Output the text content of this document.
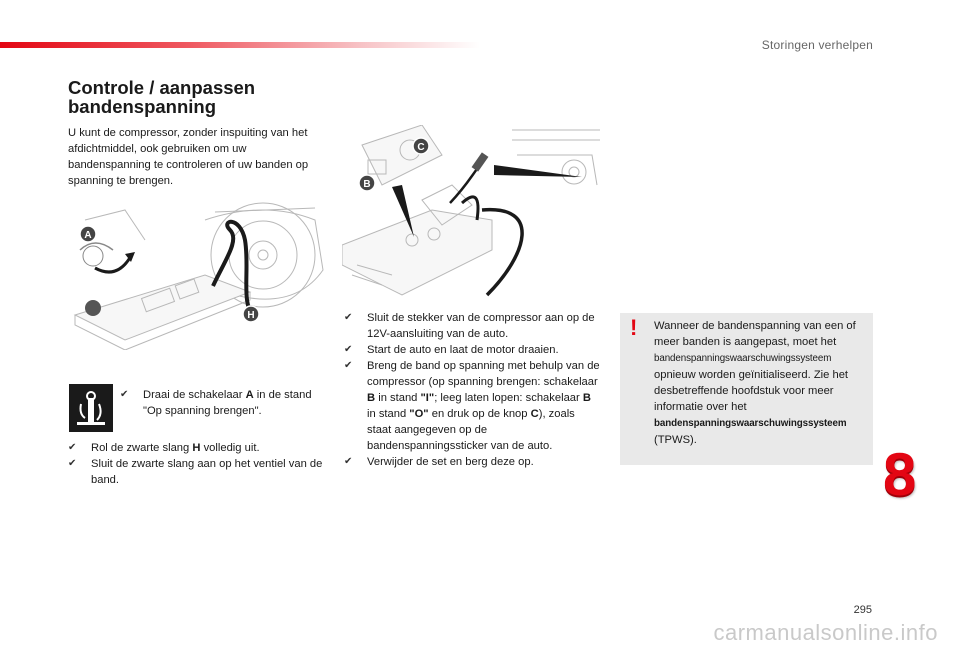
Storingen verhelpen
Controle / aanpassen
bandenspanning
U kunt de compressor, zonder inspuiting van het afdichtmiddel, ook gebruiken om uw bandenspanning te controleren of uw banden op spanning te brengen.
A
H
C
B
✔ Draai de schakelaar A in de stand "Op spanning brengen".
✔ Rol de zwarte slang H volledig uit.
✔ Sluit de zwarte slang aan op het ventiel van de band.
✔ Sluit de stekker van de compressor aan op de 12V-aansluiting van de auto.
✔ Start de auto en laat de motor draaien.
✔ Breng de band op spanning met behulp van de compressor (op spanning brengen: schakelaar B in stand "I"; leeg laten lopen: schakelaar B in stand "O" en druk op de knop C), zoals staat aangegeven op de bandenspanningssticker van de auto.
✔ Verwijder de set en berg deze op.
! Wanneer de bandenspanning van een of meer banden is aangepast, moet het bandenspanningswaarschuwingssysteem opnieuw worden geïnitialiseerd. Zie het desbetreffende hoofdstuk voor meer informatie over het bandenspanningswaarschuwingssysteem (TPWS).
8
295
carmanualsonline.info
